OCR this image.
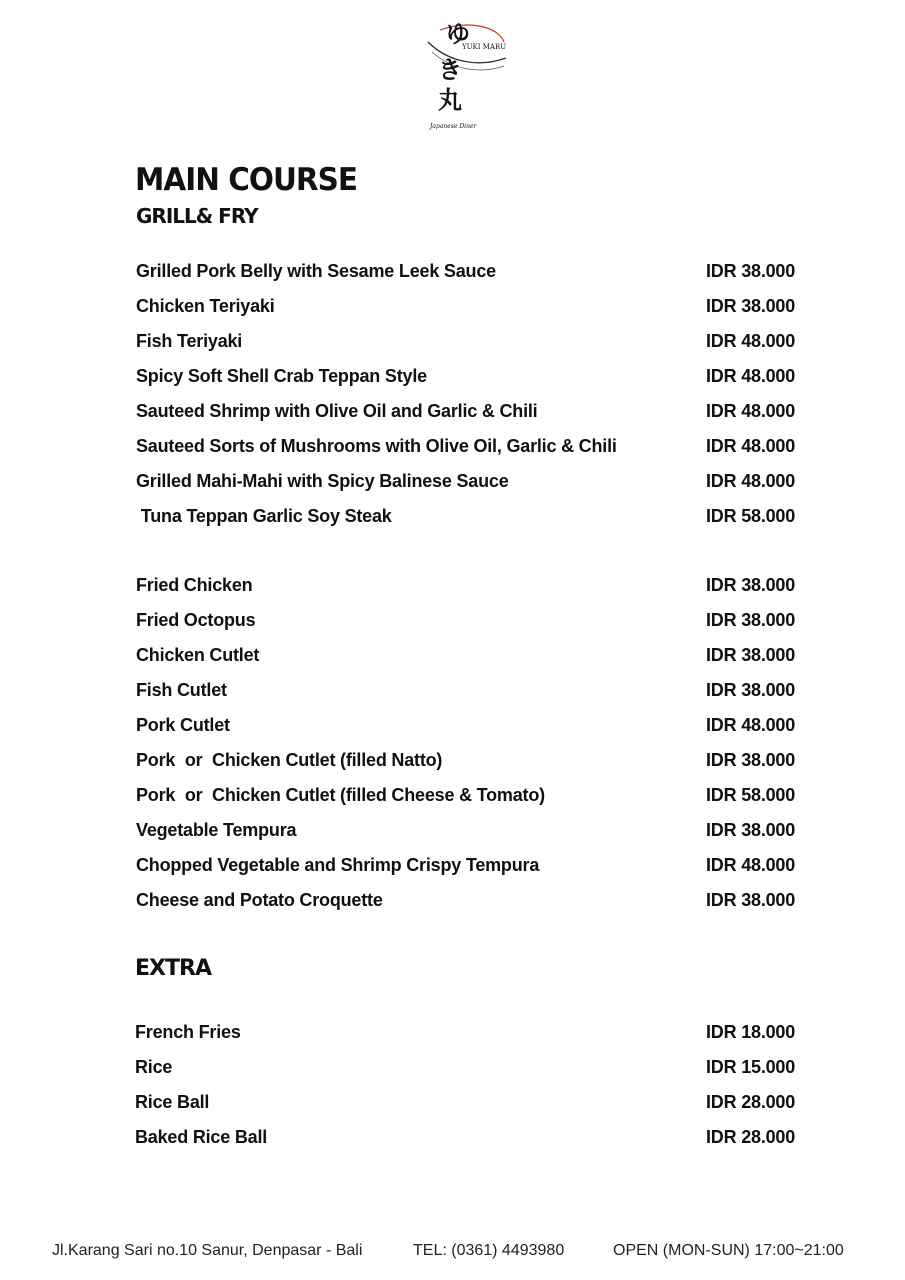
ゆ
YUKI MARU
き
丸
Japanese Diner
MAIN COURSE
GRILL& FRY
Grilled Pork Belly with Sesame Leek Sauce	IDR 38.000
Chicken Teriyaki	IDR 38.000
Fish Teriyaki	IDR 48.000
Spicy Soft Shell Crab Teppan Style	IDR 48.000
Sauteed Shrimp with Olive Oil and Garlic & Chili	IDR 48.000
Sauteed Sorts of Mushrooms with Olive Oil, Garlic & Chili	IDR 48.000
Grilled Mahi-Mahi with Spicy Balinese Sauce	IDR 48.000
Tuna Teppan Garlic Soy Steak	IDR 58.000
Fried Chicken	IDR 38.000
Fried Octopus	IDR 38.000
Chicken Cutlet	IDR 38.000
Fish Cutlet	IDR 38.000
Pork Cutlet	IDR 48.000
Pork  or  Chicken Cutlet (filled Natto)	IDR 38.000
Pork  or  Chicken Cutlet (filled Cheese & Tomato)	IDR 58.000
Vegetable Tempura	IDR 38.000
Chopped Vegetable and Shrimp Crispy Tempura	IDR 48.000
Cheese and Potato Croquette	IDR 38.000
EXTRA
French Fries	IDR 18.000
Rice	IDR 15.000
Rice Ball	IDR 28.000
Baked Rice Ball	IDR 28.000
Jl.Karang Sari no.10 Sanur, Denpasar - Bali	TEL: (0361) 4493980	OPEN (MON-SUN) 17:00~21:00
